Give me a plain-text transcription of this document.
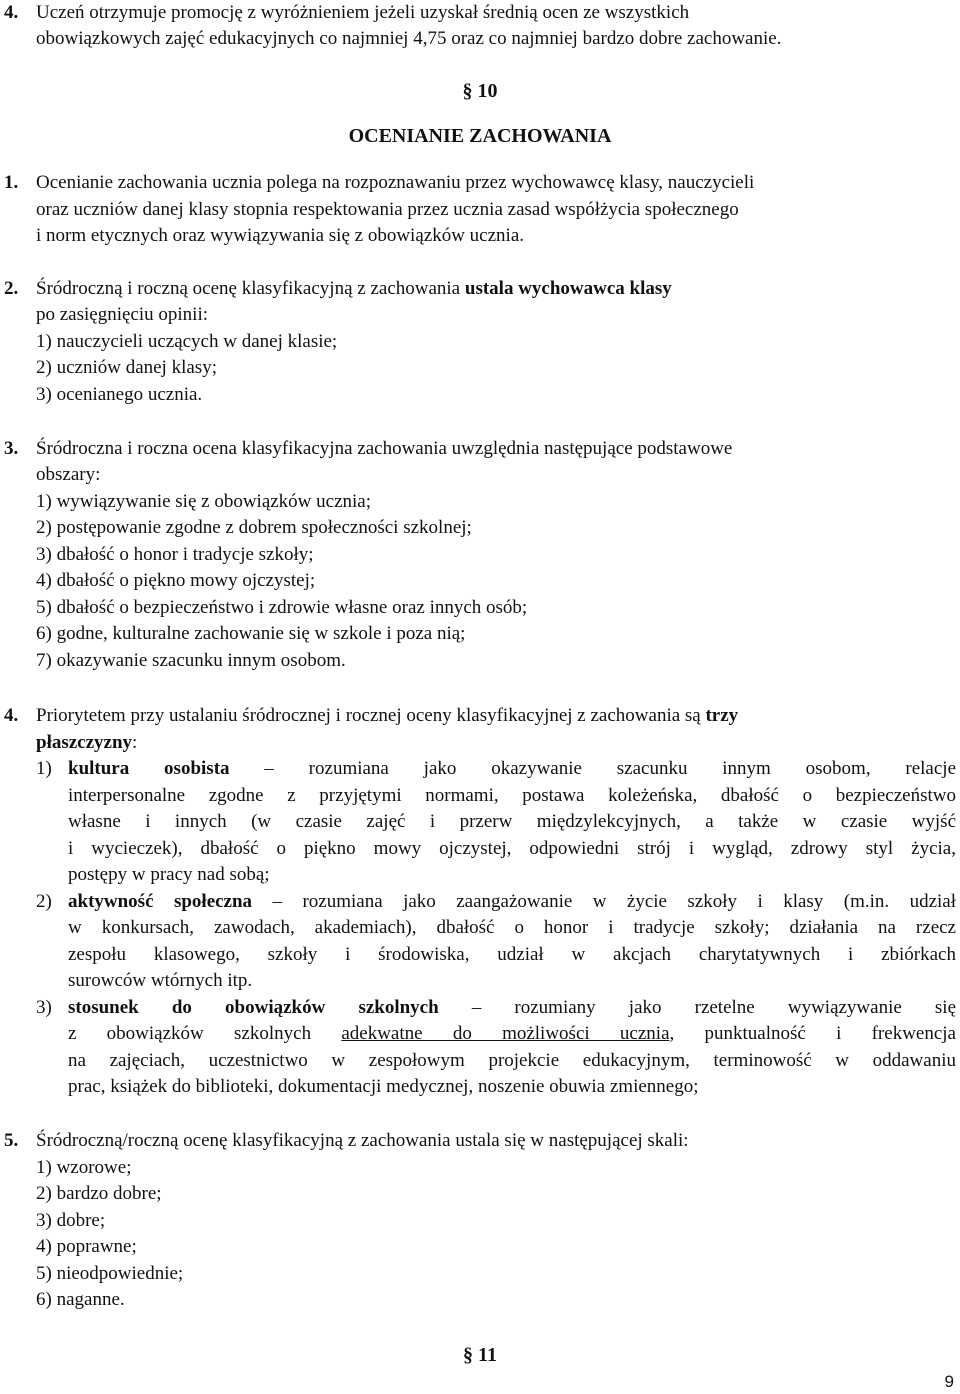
4. Uczeń otrzymuje promocję z wyróżnieniem jeżeli uzyskał średnią ocen ze wszystkich
obowiązkowych zajęć edukacyjnych co najmniej 4,75 oraz co najmniej bardzo dobre zachowanie.
§ 10
OCENIANIE ZACHOWANIA
1. Ocenianie zachowania ucznia polega na rozpoznawaniu przez wychowawcę klasy, nauczycieli
oraz uczniów danej klasy stopnia respektowania przez ucznia zasad współżycia społecznego
i norm etycznych oraz wywiązywania się z obowiązków ucznia.
2. Śródroczną i roczną ocenę klasyfikacyjną z zachowania ustala wychowawca klasy
po zasięgnięciu opinii:
1) nauczycieli uczących w danej klasie;
2) uczniów danej klasy;
3) ocenianego ucznia.
3. Śródroczna i roczna ocena klasyfikacyjna zachowania uwzględnia następujące podstawowe
obszary:
1) wywiązywanie się z obowiązków ucznia;
2) postępowanie zgodne z dobrem społeczności szkolnej;
3) dbałość o honor i tradycje szkoły;
4) dbałość o piękno mowy ojczystej;
5) dbałość o bezpieczeństwo i zdrowie własne oraz innych osób;
6) godne, kulturalne zachowanie się w szkole i poza nią;
7) okazywanie szacunku innym osobom.
4. Priorytetem przy ustalaniu śródrocznej i rocznej oceny klasyfikacyjnej z zachowania są trzy
płaszczyzny:
1) kultura osobista – rozumiana jako okazywanie szacunku innym osobom, relacje
interpersonalne zgodne z przyjętymi normami, postawa koleżeńska, dbałość o bezpieczeństwo
własne i innych (w czasie zajęć i przerw międzylekcyjnych, a także w czasie wyjść
i wycieczek), dbałość o piękno mowy ojczystej, odpowiedni strój i wygląd, zdrowy styl życia,
postępy w pracy nad sobą;
2) aktywność społeczna – rozumiana jako zaangażowanie w życie szkoły i klasy (m.in. udział
w konkursach, zawodach, akademiach), dbałość o honor i tradycje szkoły; działania na rzecz
zespołu klasowego, szkoły i środowiska, udział w akcjach charytatywnych i zbiórkach
surowców wtórnych itp.
3) stosunek do obowiązków szkolnych – rozumiany jako rzetelne wywiązywanie się
z obowiązków szkolnych adekwatne do możliwości ucznia, punktualność i frekwencja
na zajęciach, uczestnictwo w zespołowym projekcie edukacyjnym, terminowość w oddawaniu
prac, książek do biblioteki, dokumentacji medycznej, noszenie obuwia zmiennego;
5. Śródroczną/roczną ocenę klasyfikacyjną z zachowania ustala się w następującej skali:
1) wzorowe;
2) bardzo dobre;
3) dobre;
4) poprawne;
5) nieodpowiednie;
6) naganne.
§ 11
9
